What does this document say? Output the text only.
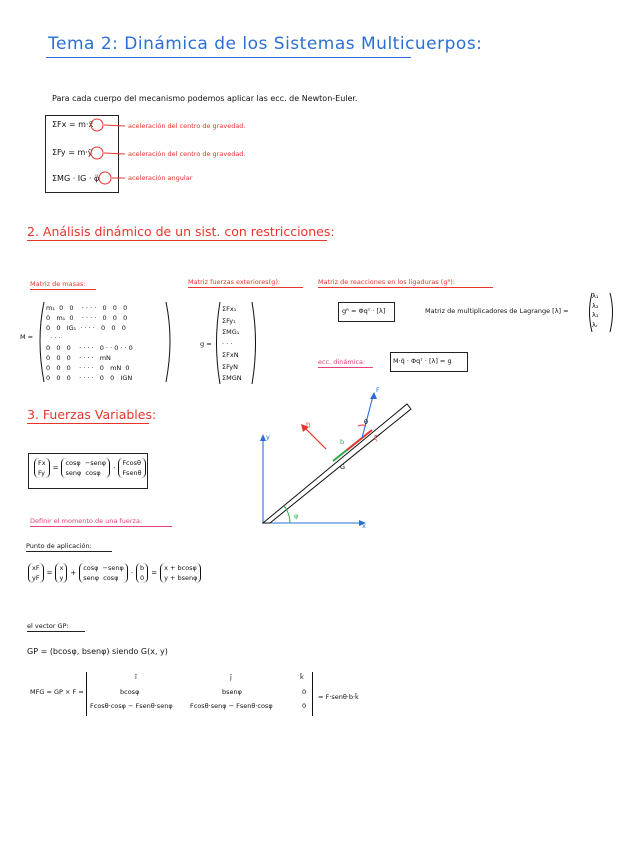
Tema 2: Dinámica de los Sistemas Multicuerpos:
Para cada cuerpo del mecanismo podemos aplicar las ecc. de Newton-Euler.
ΣFx = m·ẍ
ΣFy = m·ÿ
ΣMG · IG · φ̈
aceleración del centro de gravedad.
aceleración del centro de gravedad.
aceleración angular
2. Análisis dinámico de un sist. con restricciones:
Matriz de masas:	Matriz fuerzas exteriores(g):	Matriz de reacciones en los ligaduras (gᴿ):
M =
m₁  0   0    · · · ·   0   0   0
0   m₁  0    · · · ·   0   0   0
0   0   IG₁  · · · ·   0   0   0
· · ·
0   0   0    · · · ·   0 · · 0 · · 0
0   0   0    · · · ·   mN
0   0   0    · · · ·   0   mN  0
0   0   0    · · · ·   0   0   IGN
g =
ΣFx₁
ΣFy₁
ΣMG₁
· · ·
ΣFxN
ΣFyN
ΣMGN
gᴿ = Φqᵀ · [λ]	Matriz de multiplicadores de Lagrange [λ] =
λ₁
λ₂
λ₃
λᵣ
ecc. dinámica:	M·q̈ · Φqᵀ · [λ] = g
3. Fuerzas Variables:
Fx
Fy
=
cosφ  −senφ
senφ  cosφ
·
Fcosθ
Fsenθ
Definir el momento de una fuerza:
Punto de aplicación:
xF
yF
=
x
y
+
cosφ  −senφ
senφ  cosφ
·
b
0
=
x + bcosφ
y + bsenφ
el vector GP:
GP = (bcosφ, bsenφ) siendo G(x, y)
MFG = GP × F =
ī	j̄	k̄
bcosφ	bsenφ	0
Fcosθ·cosφ − Fsenθ·senφ	Fcosθ·senφ − Fsenθ·cosφ	0
= F·senθ·b·k̄
y
x
F
G
θ
φ
b
η
ξ
